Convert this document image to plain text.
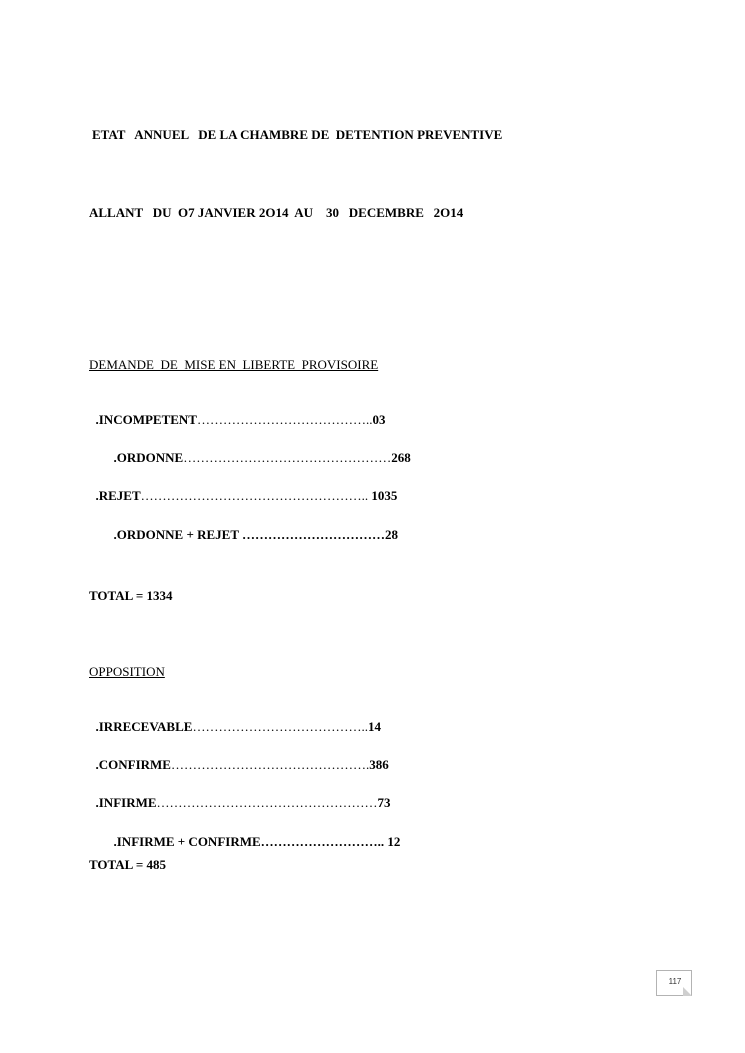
ETAT   ANNUEL   DE LA CHAMBRE DE  DETENTION PREVENTIVE
ALLANT   DU  O7 JANVIER 2O14  AU    30   DECEMBRE   2O14
DEMANDE  DE  MISE EN  LIBERTE  PROVISOIRE

.INCOMPETENT…………………………………..03

.ORDONNE…………………………………………268

.REJET…………………………………………….. 1035

.ORDONNE + REJET ……………………………28

TOTAL = 1334
OPPOSITION

.IRRECEVABLE…………………………………..14

.CONFIRME……………………………………….386

.INFIRME……………………………………………73

.INFIRME + CONFIRME……………………….. 12

TOTAL = 485
117
